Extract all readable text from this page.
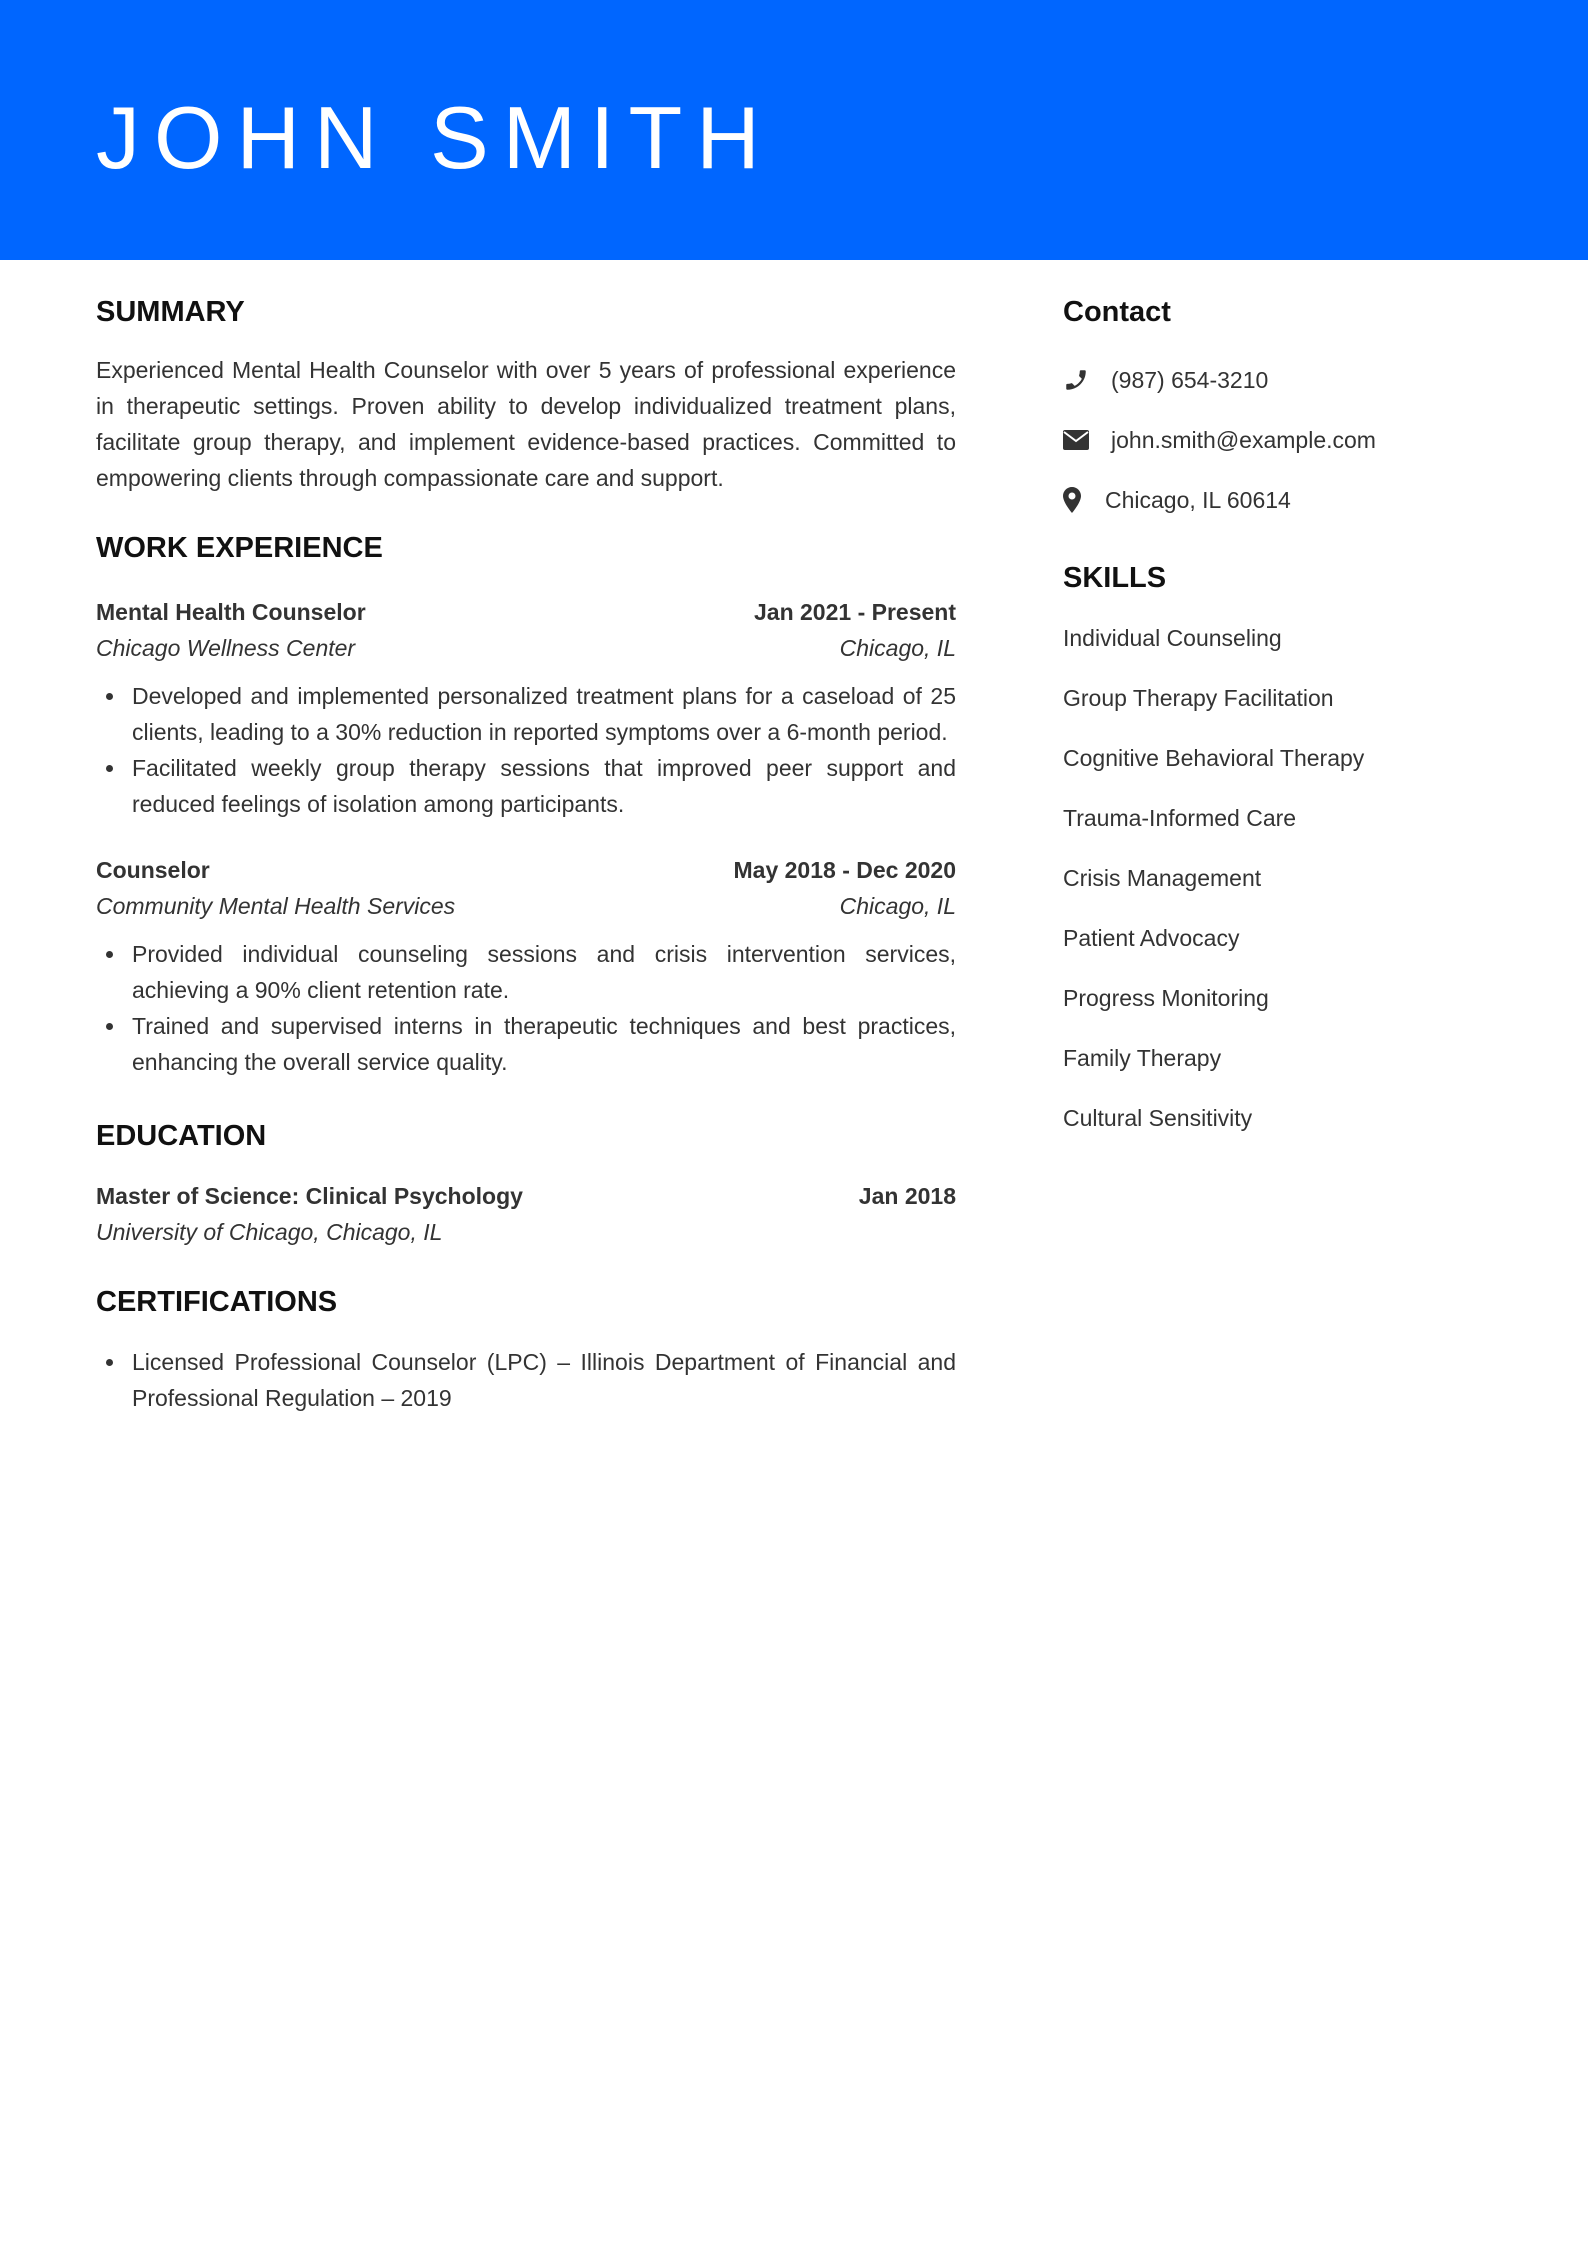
JOHN SMITH
SUMMARY

Experienced Mental Health Counselor with over 5 years of professional experience in therapeutic settings. Proven ability to develop individualized treatment plans, facilitate group therapy, and implement evidence-based practices. Committed to empowering clients through compassionate care and support.

WORK EXPERIENCE
Mental Health Counselor	Jan 2021 - Present
Chicago Wellness Center	Chicago, IL
Developed and implemented personalized treatment plans for a caseload of 25 clients, leading to a 30% reduction in reported symptoms over a 6-month period.
Facilitated weekly group therapy sessions that improved peer support and reduced feelings of isolation among participants.
Counselor	May 2018 - Dec 2020
Community Mental Health Services	Chicago, IL
Provided individual counseling sessions and crisis intervention services, achieving a 90% client retention rate.
Trained and supervised interns in therapeutic techniques and best practices, enhancing the overall service quality.
EDUCATION
Master of Science: Clinical Psychology	Jan 2018
University of Chicago, Chicago, IL
CERTIFICATIONS
Licensed Professional Counselor (LPC) – Illinois Department of Financial and Professional Regulation – 2019
Contact
(987) 654-3210
john.smith@example.com
Chicago, IL 60614
SKILLS
Individual Counseling
Group Therapy Facilitation
Cognitive Behavioral Therapy
Trauma-Informed Care
Crisis Management
Patient Advocacy
Progress Monitoring
Family Therapy
Cultural Sensitivity
